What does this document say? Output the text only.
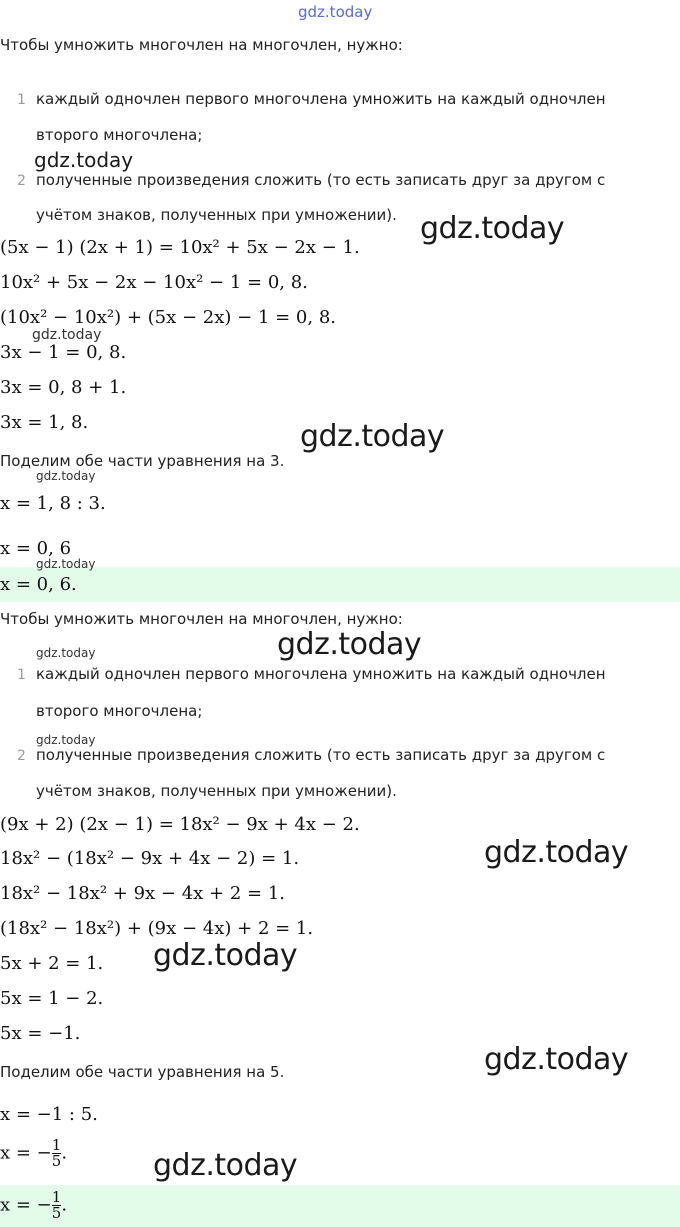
gdz.today
gdz.today
gdz.today
gdz.today
gdz.today
gdz.today
gdz.today
gdz.today
gdz.today
gdz.today
gdz.today
gdz.today
gdz.today
gdz.today
Чтобы умножить многочлен на многочлен, нужно:
1 каждый одночлен первого многочлена умножить на каждый одночлен
второго многочлена;
2 полученные произведения сложить (то есть записать друг за другом с
учётом знаков, полученных при умножении).
(5x − 1) (2x + 1) = 10x² + 5x − 2x − 1.
10x² + 5x − 2x − 10x² − 1 = 0, 8.
(10x² − 10x²) + (5x − 2x) − 1 = 0, 8.
3x − 1 = 0, 8.
3x = 0, 8 + 1.
3x = 1, 8.
Поделим обе части уравнения на 3.
x = 1, 8 : 3.
x = 0, 6
x = 0, 6.
Чтобы умножить многочлен на многочлен, нужно:
1 каждый одночлен первого многочлена умножить на каждый одночлен
второго многочлена;
2 полученные произведения сложить (то есть записать друг за другом с
учётом знаков, полученных при умножении).
(9x + 2) (2x − 1) = 18x² − 9x + 4x − 2.
18x² − (18x² − 9x + 4x − 2) = 1.
18x² − 18x² + 9x − 4x + 2 = 1.
(18x² − 18x²) + (9x − 4x) + 2 = 1.
5x + 2 = 1.
5x = 1 − 2.
5x = −1.
Поделим обе части уравнения на 5.
x = −1 : 5.
x = − $\frac{1}{5}$ .
x = − $\frac{1}{5}$ .
